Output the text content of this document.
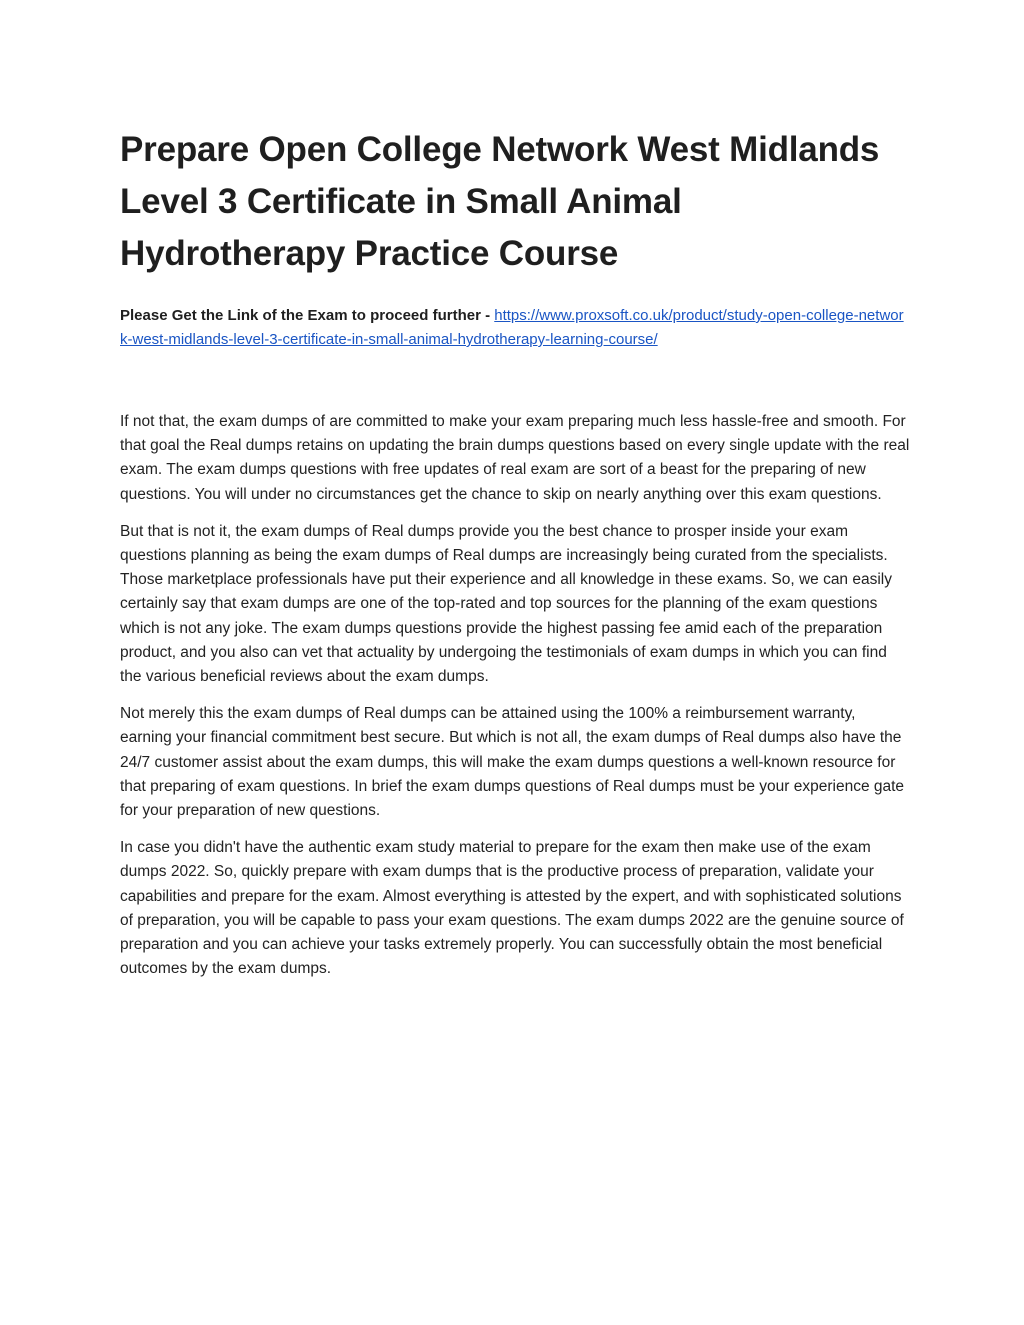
Prepare Open College Network West Midlands Level 3 Certificate in Small Animal Hydrotherapy Practice Course

Please Get the Link of the Exam to proceed further - https://www.proxsoft.co.uk/product/study-open-college-network-west-midlands-level-3-certificate-in-small-animal-hydrotherapy-learning-course/

If not that, the exam dumps of are committed to make your exam preparing much less hassle-free and smooth. For that goal the Real dumps retains on updating the brain dumps questions based on every single update with the real exam. The exam dumps questions with free updates of real exam are sort of a beast for the preparing of new questions. You will under no circumstances get the chance to skip on nearly anything over this exam questions.

But that is not it, the exam dumps of Real dumps provide you the best chance to prosper inside your exam questions planning as being the exam dumps of Real dumps are increasingly being curated from the specialists. Those marketplace professionals have put their experience and all knowledge in these exams. So, we can easily certainly say that exam dumps are one of the top-rated and top sources for the planning of the exam questions which is not any joke. The exam dumps questions provide the highest passing fee amid each of the preparation product, and you also can vet that actuality by undergoing the testimonials of exam dumps in which you can find the various beneficial reviews about the exam dumps.

Not merely this the exam dumps of Real dumps can be attained using the 100% a reimbursement warranty, earning your financial commitment best secure. But which is not all, the exam dumps of Real dumps also have the 24/7 customer assist about the exam dumps, this will make the exam dumps questions a well-known resource for that preparing of exam questions. In brief the exam dumps questions of Real dumps must be your experience gate for your preparation of new questions.

In case you didn't have the authentic exam study material to prepare for the exam then make use of the exam dumps 2022. So, quickly prepare with exam dumps that is the productive process of preparation, validate your capabilities and prepare for the exam. Almost everything is attested by the expert, and with sophisticated solutions of preparation, you will be capable to pass your exam questions. The exam dumps 2022 are the genuine source of preparation and you can achieve your tasks extremely properly. You can successfully obtain the most beneficial outcomes by the exam dumps.
